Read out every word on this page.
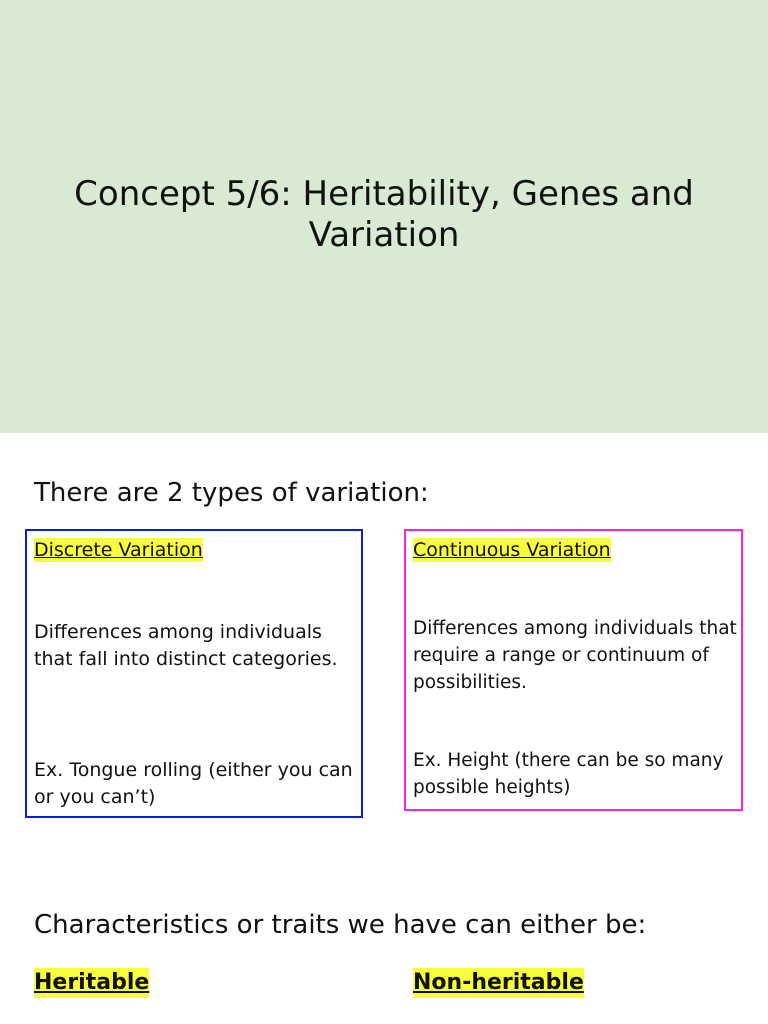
Concept 5/6: Heritability, Genes and Variation

There are 2 types of variation:

Discrete Variation

Differences among individuals that fall into distinct categories.

Ex. Tongue rolling (either you can or you can’t)

Continuous Variation

Differences among individuals that require a range or continuum of possibilities.

Ex. Height (there can be so many possible heights)

Characteristics or traits we have can either be:

Heritable	Non-heritable
